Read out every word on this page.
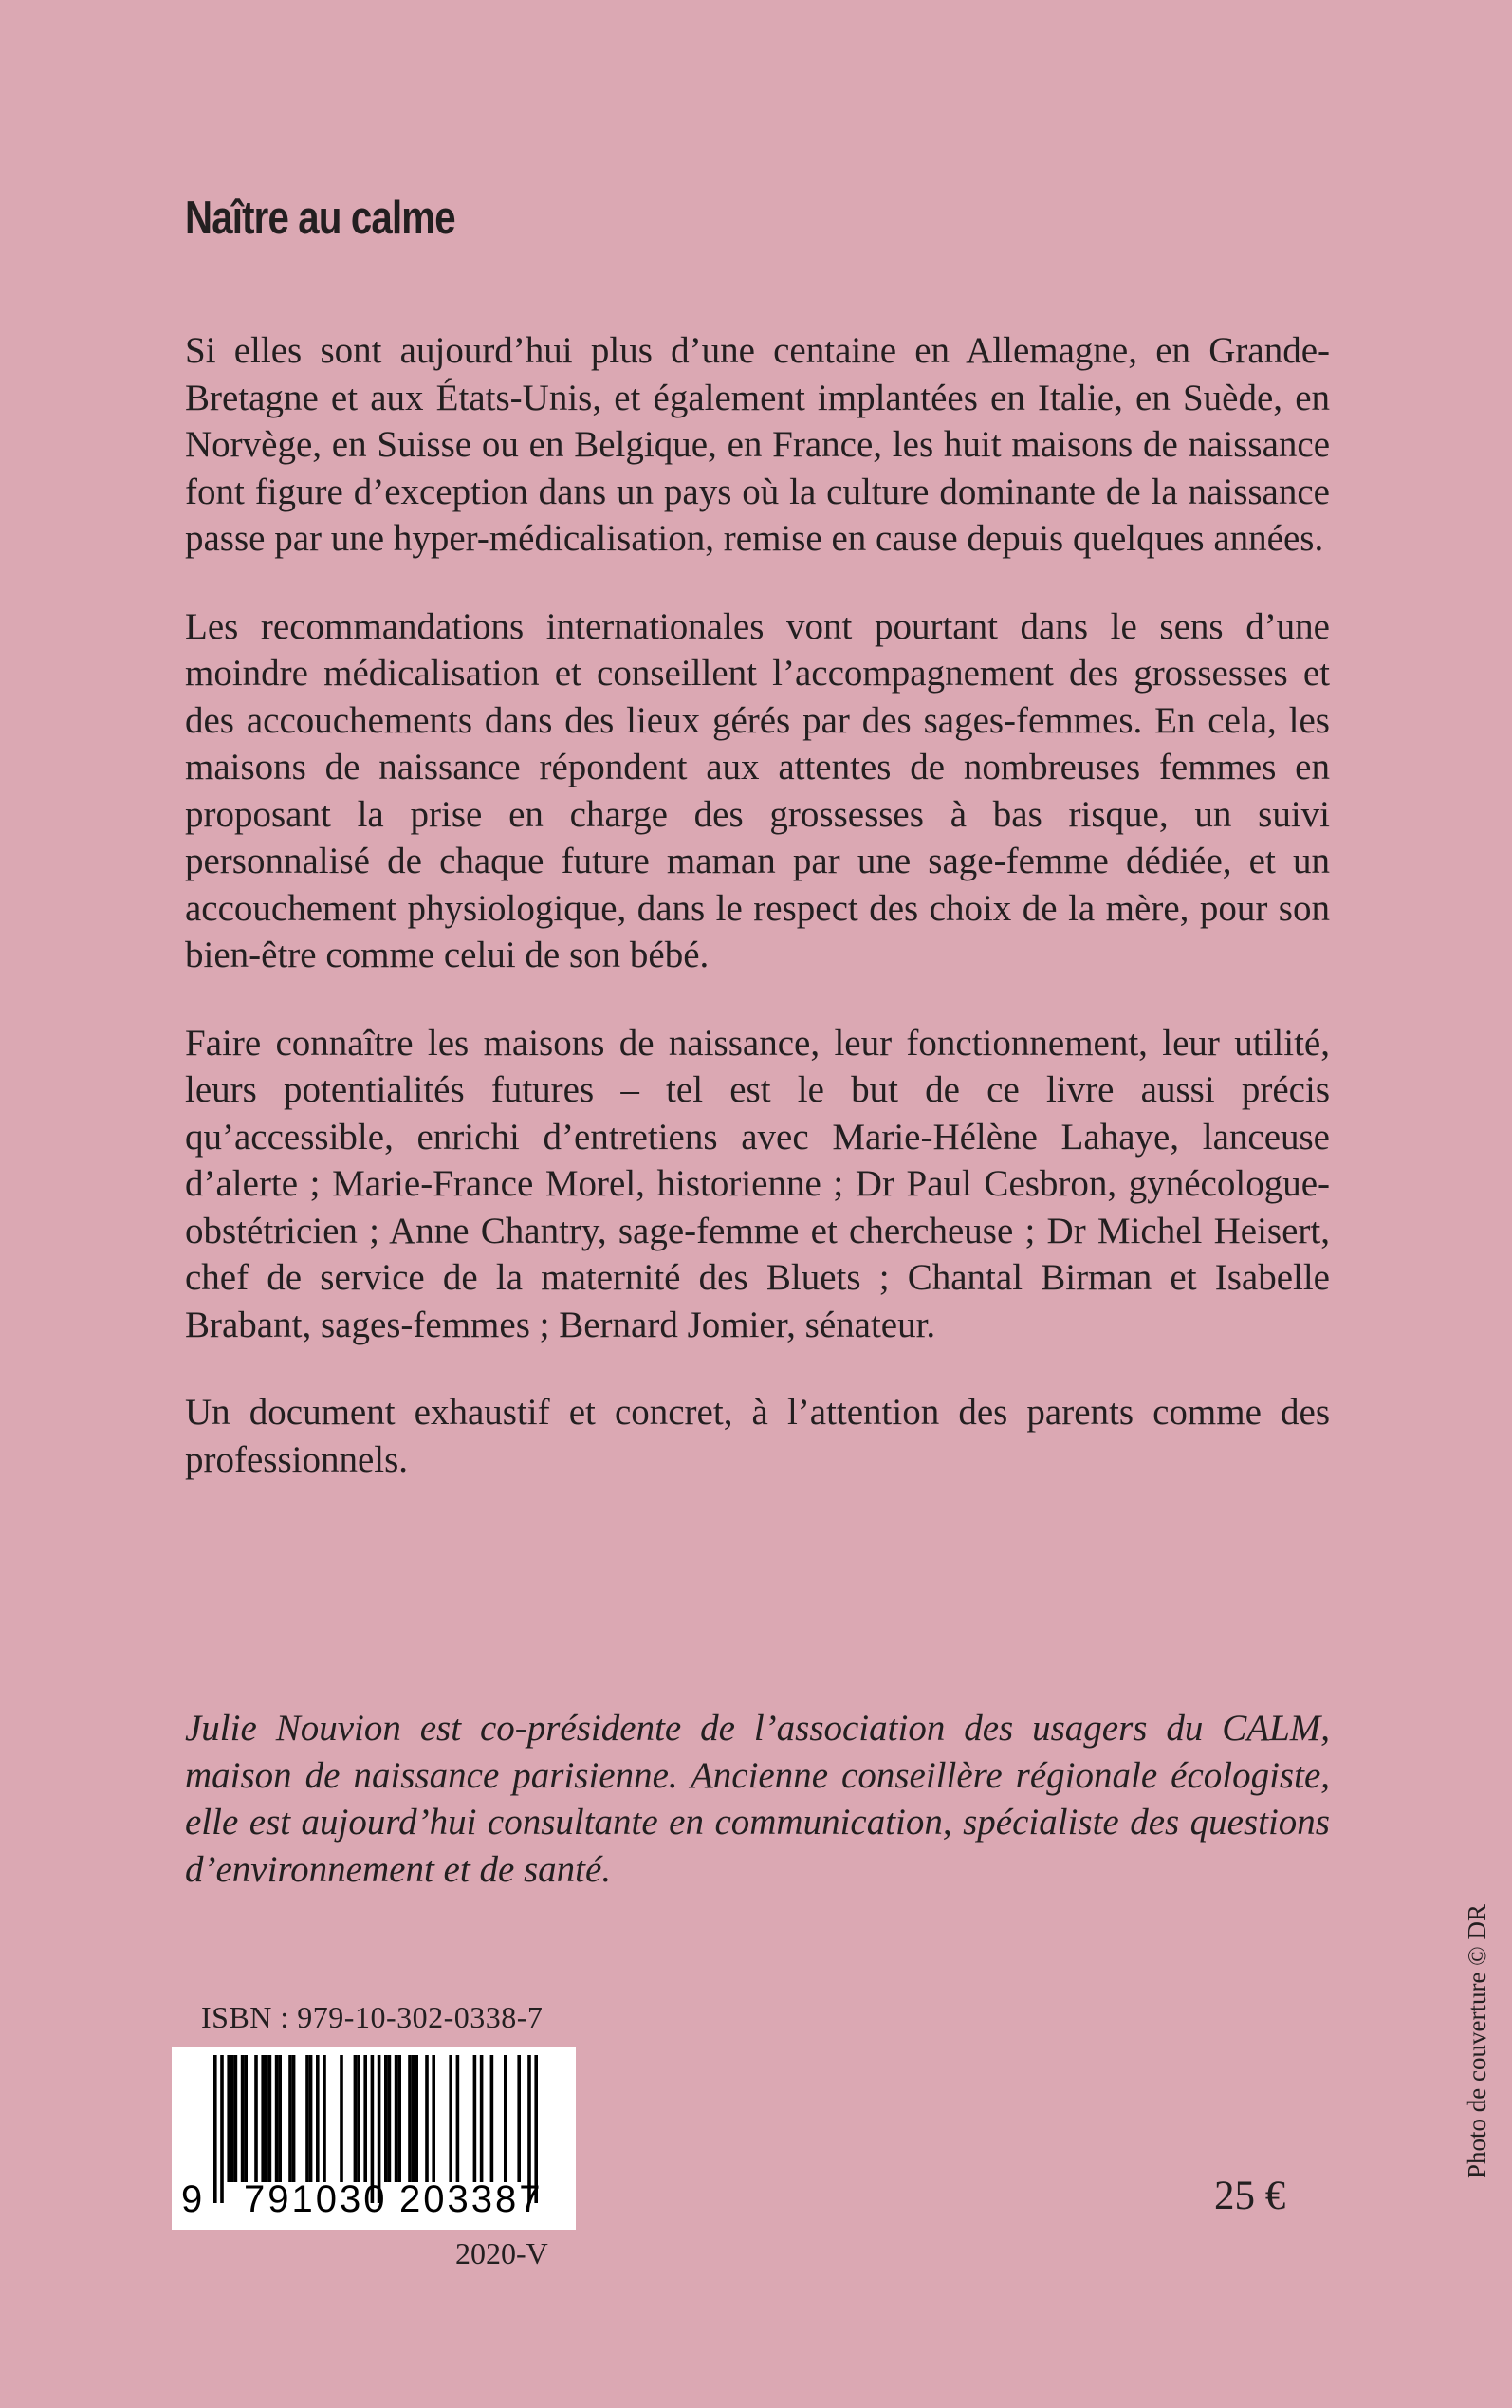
Naître au calme

Si elles sont aujourd’hui plus d’une centaine en Allemagne, en Grande-Bretagne et aux États-Unis, et également implantées en Italie, en Suède, en Norvège, en Suisse ou en Belgique, en France, les huit maisons de naissance font figure d’exception dans un pays où la culture dominante de la naissance passe par une hyper-médicalisation, remise en cause depuis quelques années.

Les recommandations internationales vont pourtant dans le sens d’une moindre médicalisation et conseillent l’accompagnement des grossesses et des accouchements dans des lieux gérés par des sages-femmes. En cela, les maisons de naissance répondent aux attentes de nombreuses femmes en proposant la prise en charge des grossesses à bas risque, un suivi personnalisé de chaque future maman par une sage-femme dédiée, et un accouchement physiologique, dans le respect des choix de la mère, pour son bien-être comme celui de son bébé.

Faire connaître les maisons de naissance, leur fonctionnement, leur utilité, leurs potentialités futures – tel est le but de ce livre aussi précis qu’accessible, enrichi d’entretiens avec Marie-Hélène Lahaye, lanceuse d’alerte ; Marie-France Morel, historienne ; Dr Paul Cesbron, gynécologue-obstétricien ; Anne Chantry, sage-femme et chercheuse ; Dr Michel Heisert, chef de service de la maternité des Bluets ; Chantal Birman et Isabelle Brabant, sages-femmes ; Bernard Jomier, sénateur.

Un document exhaustif et concret, à l’attention des parents comme des professionnels.

Julie Nouvion est co-présidente de l’association des usagers du CALM, maison de naissance parisienne. Ancienne conseillère régionale écologiste, elle est aujourd’hui consultante en communication, spécialiste des questions d’environnement et de santé.

ISBN : 979-10-302-0338-7
9 791030 203387
2020-V
25 €
Photo de couverture © DR
